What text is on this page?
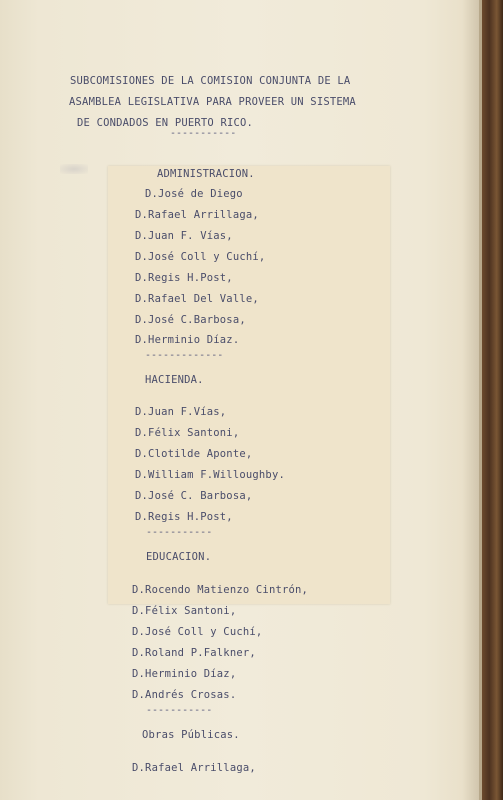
SUBCOMISIONES DE LA COMISION CONJUNTA DE LA

ASAMBLEA LEGISLATIVA PARA PROVEER UN SISTEMA

DE CONDADOS EN PUERTO RICO.

-----------

ADMINISTRACION.

D.José de Diego

D.Rafael Arrillaga,

D.Juan F. Vías,

D.José Coll y Cuchí,

D.Regis H.Post,

D.Rafael Del Valle,

D.José C.Barbosa,

D.Herminio Díaz.

-------------

HACIENDA.

D.Juan F.Vías,

D.Félix Santoni,

D.Clotilde Aponte,

D.William F.Willoughby.

D.José C. Barbosa,

D.Regis H.Post,

-----------

EDUCACION.

D.Rocendo Matienzo Cintrón,

D.Félix Santoni,

D.José Coll y Cuchí,

D.Roland P.Falkner,

D.Herminio Díaz,

D.Andrés Crosas.

-----------

Obras Públicas.

D.Rafael Arrillaga,
